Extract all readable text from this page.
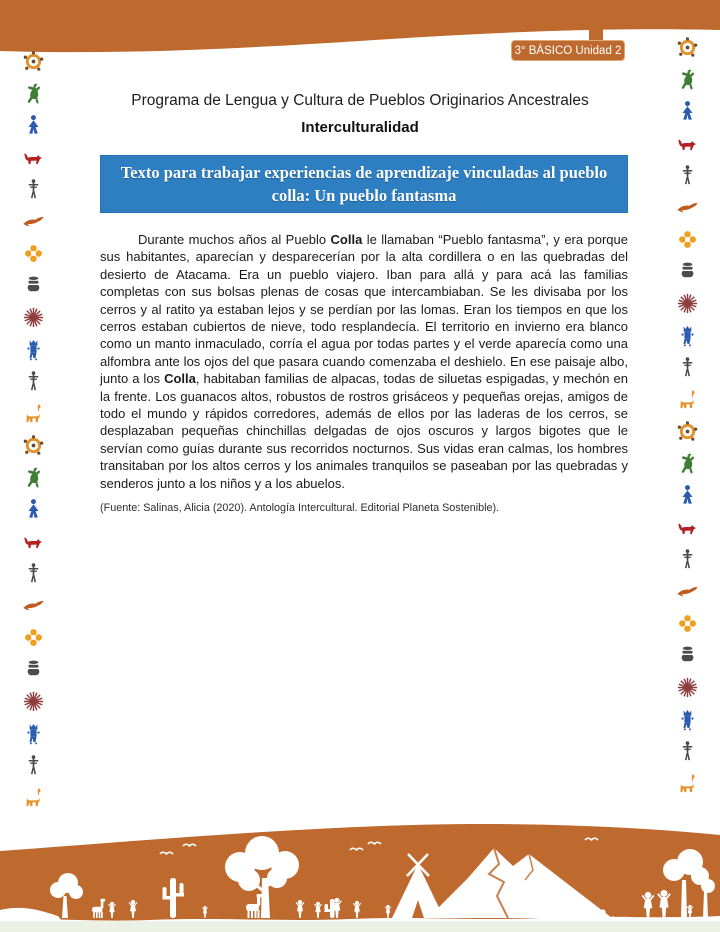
3° BÁSICO Unidad 2
Programa de Lengua y Cultura de Pueblos Originarios Ancestrales
Interculturalidad
Texto para trabajar experiencias de aprendizaje vinculadas al pueblo colla: Un pueblo fantasma

Durante muchos años al Pueblo Colla le llamaban “Pueblo fantasma”, y era porque sus habitantes, aparecían y desparecerían por la alta cordillera o en las quebradas del desierto de Atacama. Era un pueblo viajero. Iban para allá y para acá las familias completas con sus bolsas plenas de cosas que intercambiaban. Se les divisaba por los cerros y al ratito ya estaban lejos y se perdían por las lomas. Eran los tiempos en que los cerros estaban cubiertos de nieve, todo resplandecía. El territorio en invierno era blanco como un manto inmaculado, corría el agua por todas partes y el verde aparecía como una alfombra ante los ojos del que pasara cuando comenzaba el deshielo. En ese paisaje albo, junto a los Colla, habitaban familias de alpacas, todas de siluetas espigadas, y mechón en la frente. Los guanacos altos, robustos de rostros grisáceos y pequeñas orejas, amigos de todo el mundo y rápidos corredores, además de ellos por las laderas de los cerros, se desplazaban pequeñas chinchillas delgadas de ojos oscuros y largos bigotes que le servían como guías durante sus recorridos nocturnos. Sus vidas eran calmas, los hombres transitaban por los altos cerros y los animales tranquilos se paseaban por las quebradas y senderos junto a los niños y a los abuelos.

(Fuente: Salinas, Alicia (2020). Antología Intercultural. Editorial Planeta Sostenible).
